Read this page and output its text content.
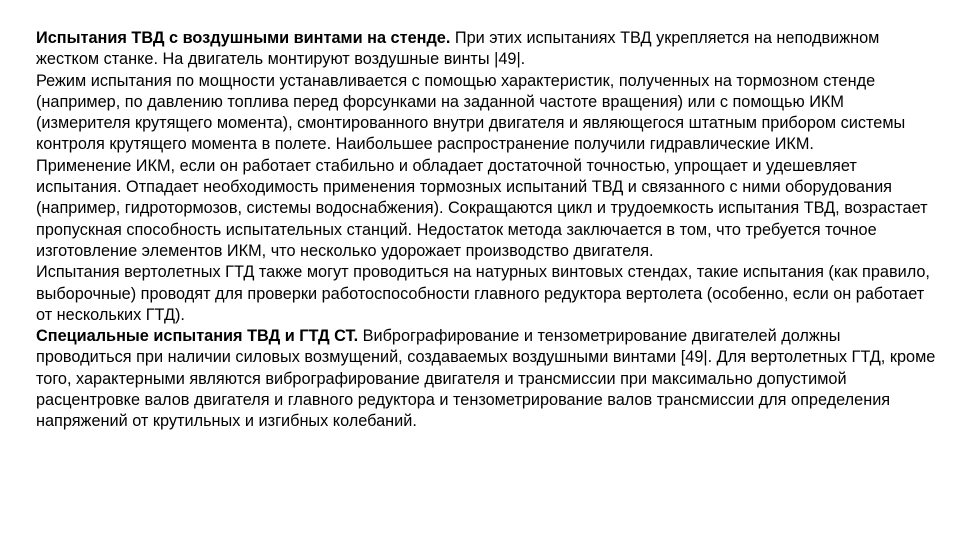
Испытания ТВД с воздушными винтами на стенде. При этих испытаниях ТВД укрепляется на неподвижном жестком станке. На двигатель монтируют воздушные винты |49|.

Режим испытания по мощности устанавливается с помощью характеристик, полученных на тормозном стенде (например, по давлению топлива перед форсунками на заданной частоте вращения) или с помощью ИКМ (измерителя крутящего момента), смонтированного внутри двигателя и являющегося штатным прибором системы контроля крутящего момента в полете. Наибольшее распространение получили гидравлические ИКМ.

Применение ИКМ, если он работает стабильно и обладает достаточной точностью, упрощает и удешевляет испытания. Отпадает необходимость применения тормозных испытаний ТВД и связанного с ними оборудования (например, гидротормозов, системы водоснабжения). Сокращаются цикл и трудоемкость испытания ТВД, возрастает пропускная способность испытательных станций. Недостаток метода заключается в том, что требуется точное изготовление элементов ИКМ, что несколько удорожает производство двигателя.

Испытания вертолетных ГТД также могут проводиться на натурных винтовых стендах, такие испытания (как правило, выборочные) проводят для проверки работоспособности главного редуктора вертолета (особенно, если он работает от нескольких ГТД).

Специальные испытания ТВД и ГТД СТ. Вибрографирование и тензометрирование двигателей должны проводиться при наличии силовых возмущений, создаваемых воздушными винтами [49|. Для вертолетных ГТД, кроме того, характерными являются вибрографирование двигателя и трансмиссии при максимально допустимой расцентровке валов двигателя и главного редуктора и тензометрирование валов трансмиссии для определения напряжений от крутильных и изгибных колебаний.
